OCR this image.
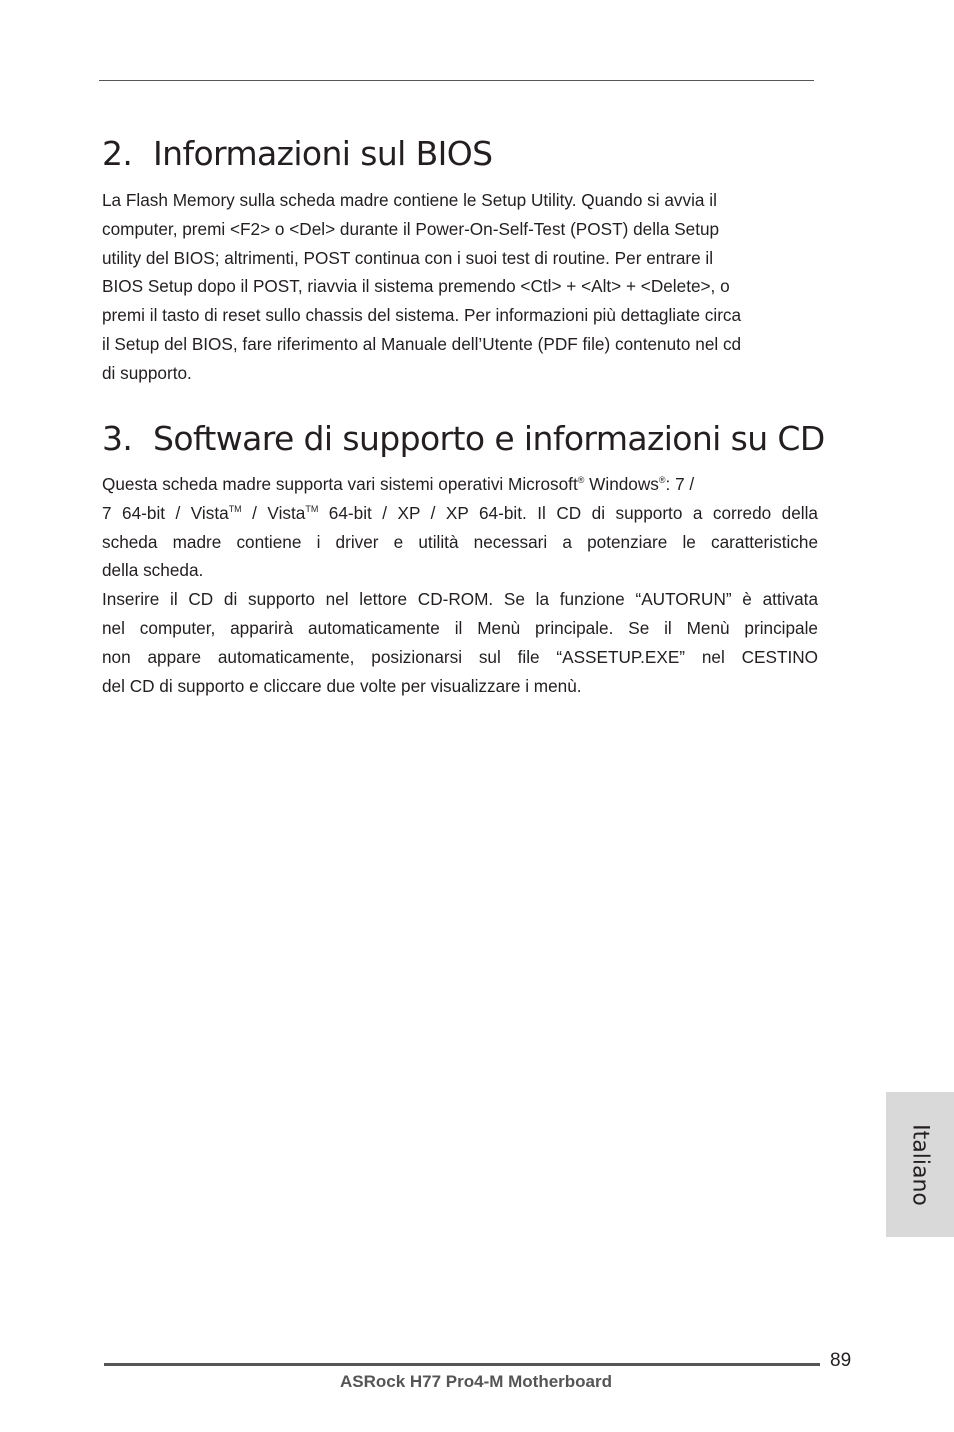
2. Informazioni sul BIOS

La Flash Memory sulla scheda madre contiene le Setup Utility. Quando si avvia il
computer, premi <F2> o <Del> durante il Power-On-Self-Test (POST) della Setup
utility del BIOS; altrimenti, POST continua con i suoi test di routine. Per entrare il
BIOS Setup dopo il POST, riavvia il sistema premendo <Ctl> + <Alt> + <Delete>, o
premi il tasto di reset sullo chassis del sistema. Per informazioni più dettagliate circa
il Setup del BIOS, fare riferimento al Manuale dell’Utente (PDF file) contenuto nel cd
di supporto.

3. Software di supporto e informazioni su CD

Questa scheda madre supporta vari sistemi operativi Microsoft® Windows®: 7 /
7 64-bit / Vista™ / Vista™ 64-bit / XP / XP 64-bit. Il CD di supporto a corredo della
scheda madre contiene i driver e utilità necessari a potenziare le caratteristiche
della scheda.
Inserire il CD di supporto nel lettore CD-ROM. Se la funzione “AUTORUN” è attivata
nel computer, apparirà automaticamente il Menù principale. Se il Menù principale
non appare automaticamente, posizionarsi sul file “ASSETUP.EXE” nel CESTINO
del CD di supporto e cliccare due volte per visualizzare i menù.

Italiano
89
ASRock H77 Pro4-M Motherboard
